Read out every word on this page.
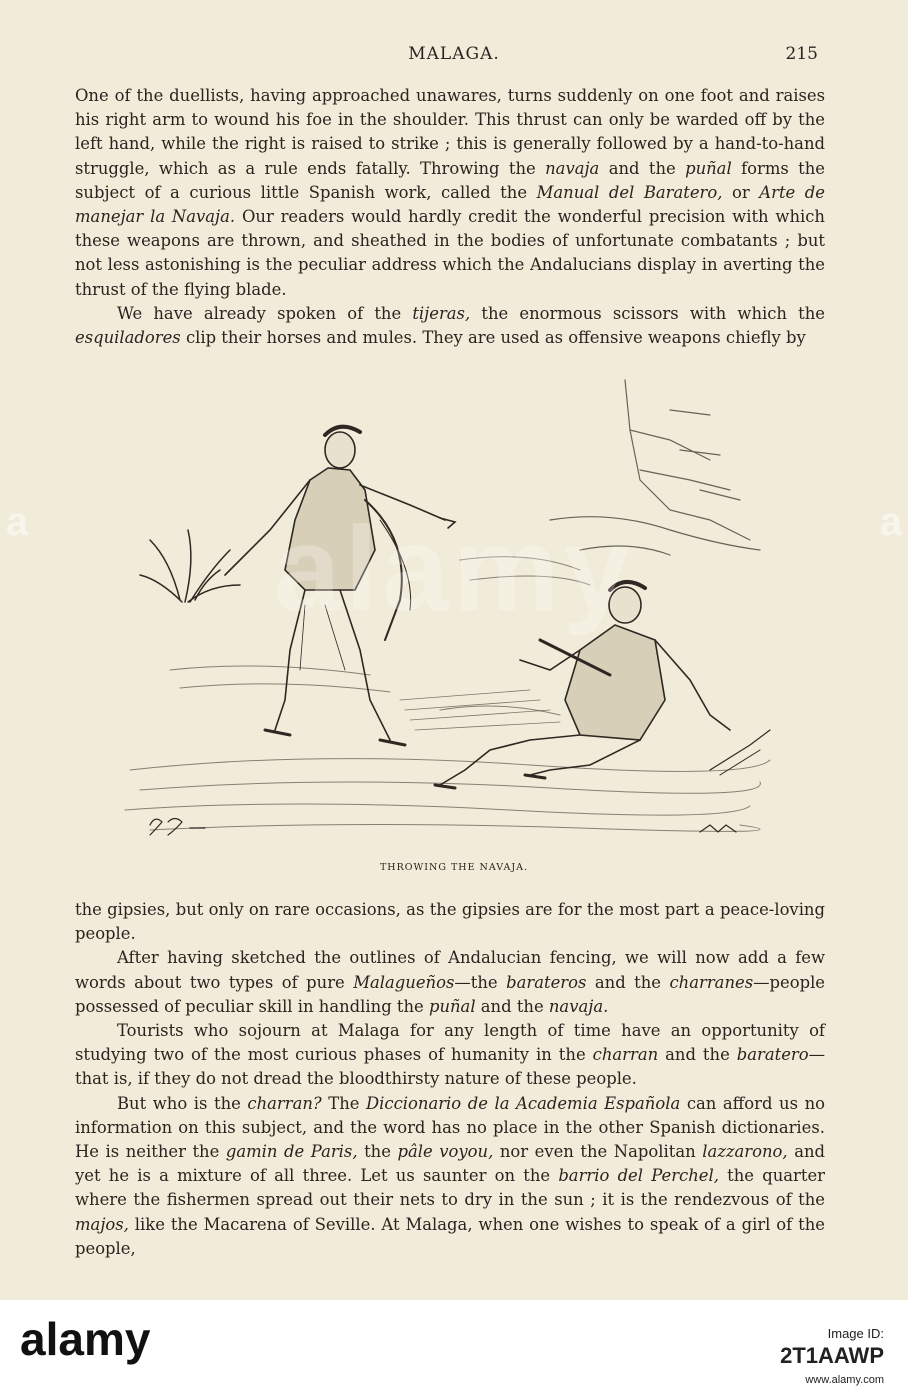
MALAGA.	215

One of the duellists, having approached unawares, turns suddenly on one foot and raises his right arm to wound his foe in the shoulder. This thrust can only be warded off by the left hand, while the right is raised to strike ; this is generally followed by a hand-to-hand struggle, which as a rule ends fatally. Throwing the navaja and the puñal forms the subject of a curious little Spanish work, called the Manual del Baratero, or Arte de manejar la Navaja. Our readers would hardly credit the wonderful precision with which these weapons are thrown, and sheathed in the bodies of unfortunate combatants ; but not less astonishing is the peculiar address which the Andalucians display in averting the thrust of the flying blade.

We have already spoken of the tijeras, the enormous scissors with which the esquiladores clip their horses and mules. They are used as offensive weapons chiefly by

THROWING THE NAVAJA.

the gipsies, but only on rare occasions, as the gipsies are for the most part a peace-loving people.

After having sketched the outlines of Andalucian fencing, we will now add a few words about two types of pure Malagueños—the barateros and the charranes—people possessed of peculiar skill in handling the puñal and the navaja.

Tourists who sojourn at Malaga for any length of time have an opportunity of studying two of the most curious phases of humanity in the charran and the baratero—that is, if they do not dread the bloodthirsty nature of these people.

But who is the charran? The Diccionario de la Academia Española can afford us no information on this subject, and the word has no place in the other Spanish dictionaries. He is neither the gamin de Paris, the pâle voyou, nor even the Napolitan lazzarono, and yet he is a mixture of all three. Let us saunter on the barrio del Perchel, the quarter where the fishermen spread out their nets to dry in the sun ; it is the rendezvous of the majos, like the Macarena of Seville. At Malaga, when one wishes to speak of a girl of the people,

a	alamy	a
alamy	Image ID:
2T1AAWP
www.alamy.com
